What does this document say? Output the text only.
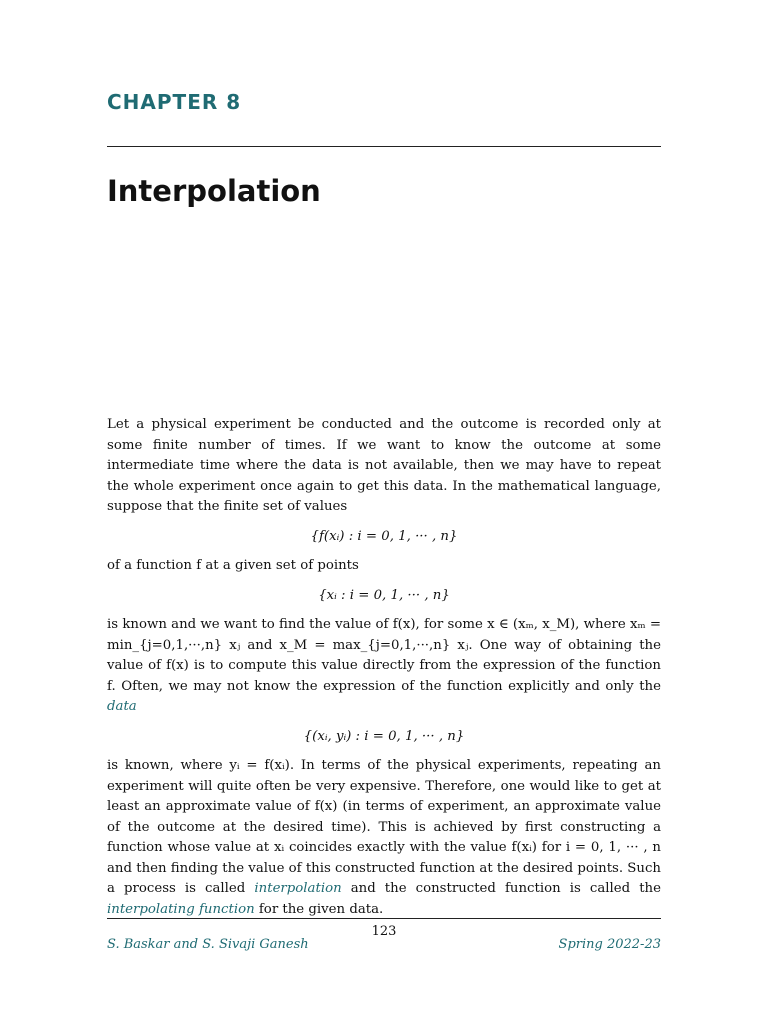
CHAPTER 8
Interpolation

Let a physical experiment be conducted and the outcome is recorded only at some finite number of times. If we want to know the outcome at some intermediate time where the data is not available, then we may have to repeat the whole experiment once again to get this data. In the mathematical language, suppose that the finite set of values

{f(xᵢ) : i = 0, 1, ··· , n}

of a function f at a given set of points

{xᵢ : i = 0, 1, ··· , n}

is known and we want to find the value of f(x), for some x ∈ (xₘ, x_M), where xₘ = min_{j=0,1,···,n} xⱼ and x_M = max_{j=0,1,···,n} xⱼ. One way of obtaining the value of f(x) is to compute this value directly from the expression of the function f. Often, we may not know the expression of the function explicitly and only the data

{(xᵢ, yᵢ) : i = 0, 1, ··· , n}

is known, where yᵢ = f(xᵢ). In terms of the physical experiments, repeating an experiment will quite often be very expensive. Therefore, one would like to get at least an approximate value of f(x) (in terms of experiment, an approximate value of the outcome at the desired time). This is achieved by first constructing a function whose value at xᵢ coincides exactly with the value f(xᵢ) for i = 0, 1, ··· , n and then finding the value of this constructed function at the desired points. Such a process is called interpolation and the constructed function is called the interpolating function for the given data.

123
S. Baskar and S. Sivaji Ganesh	Spring 2022-23
